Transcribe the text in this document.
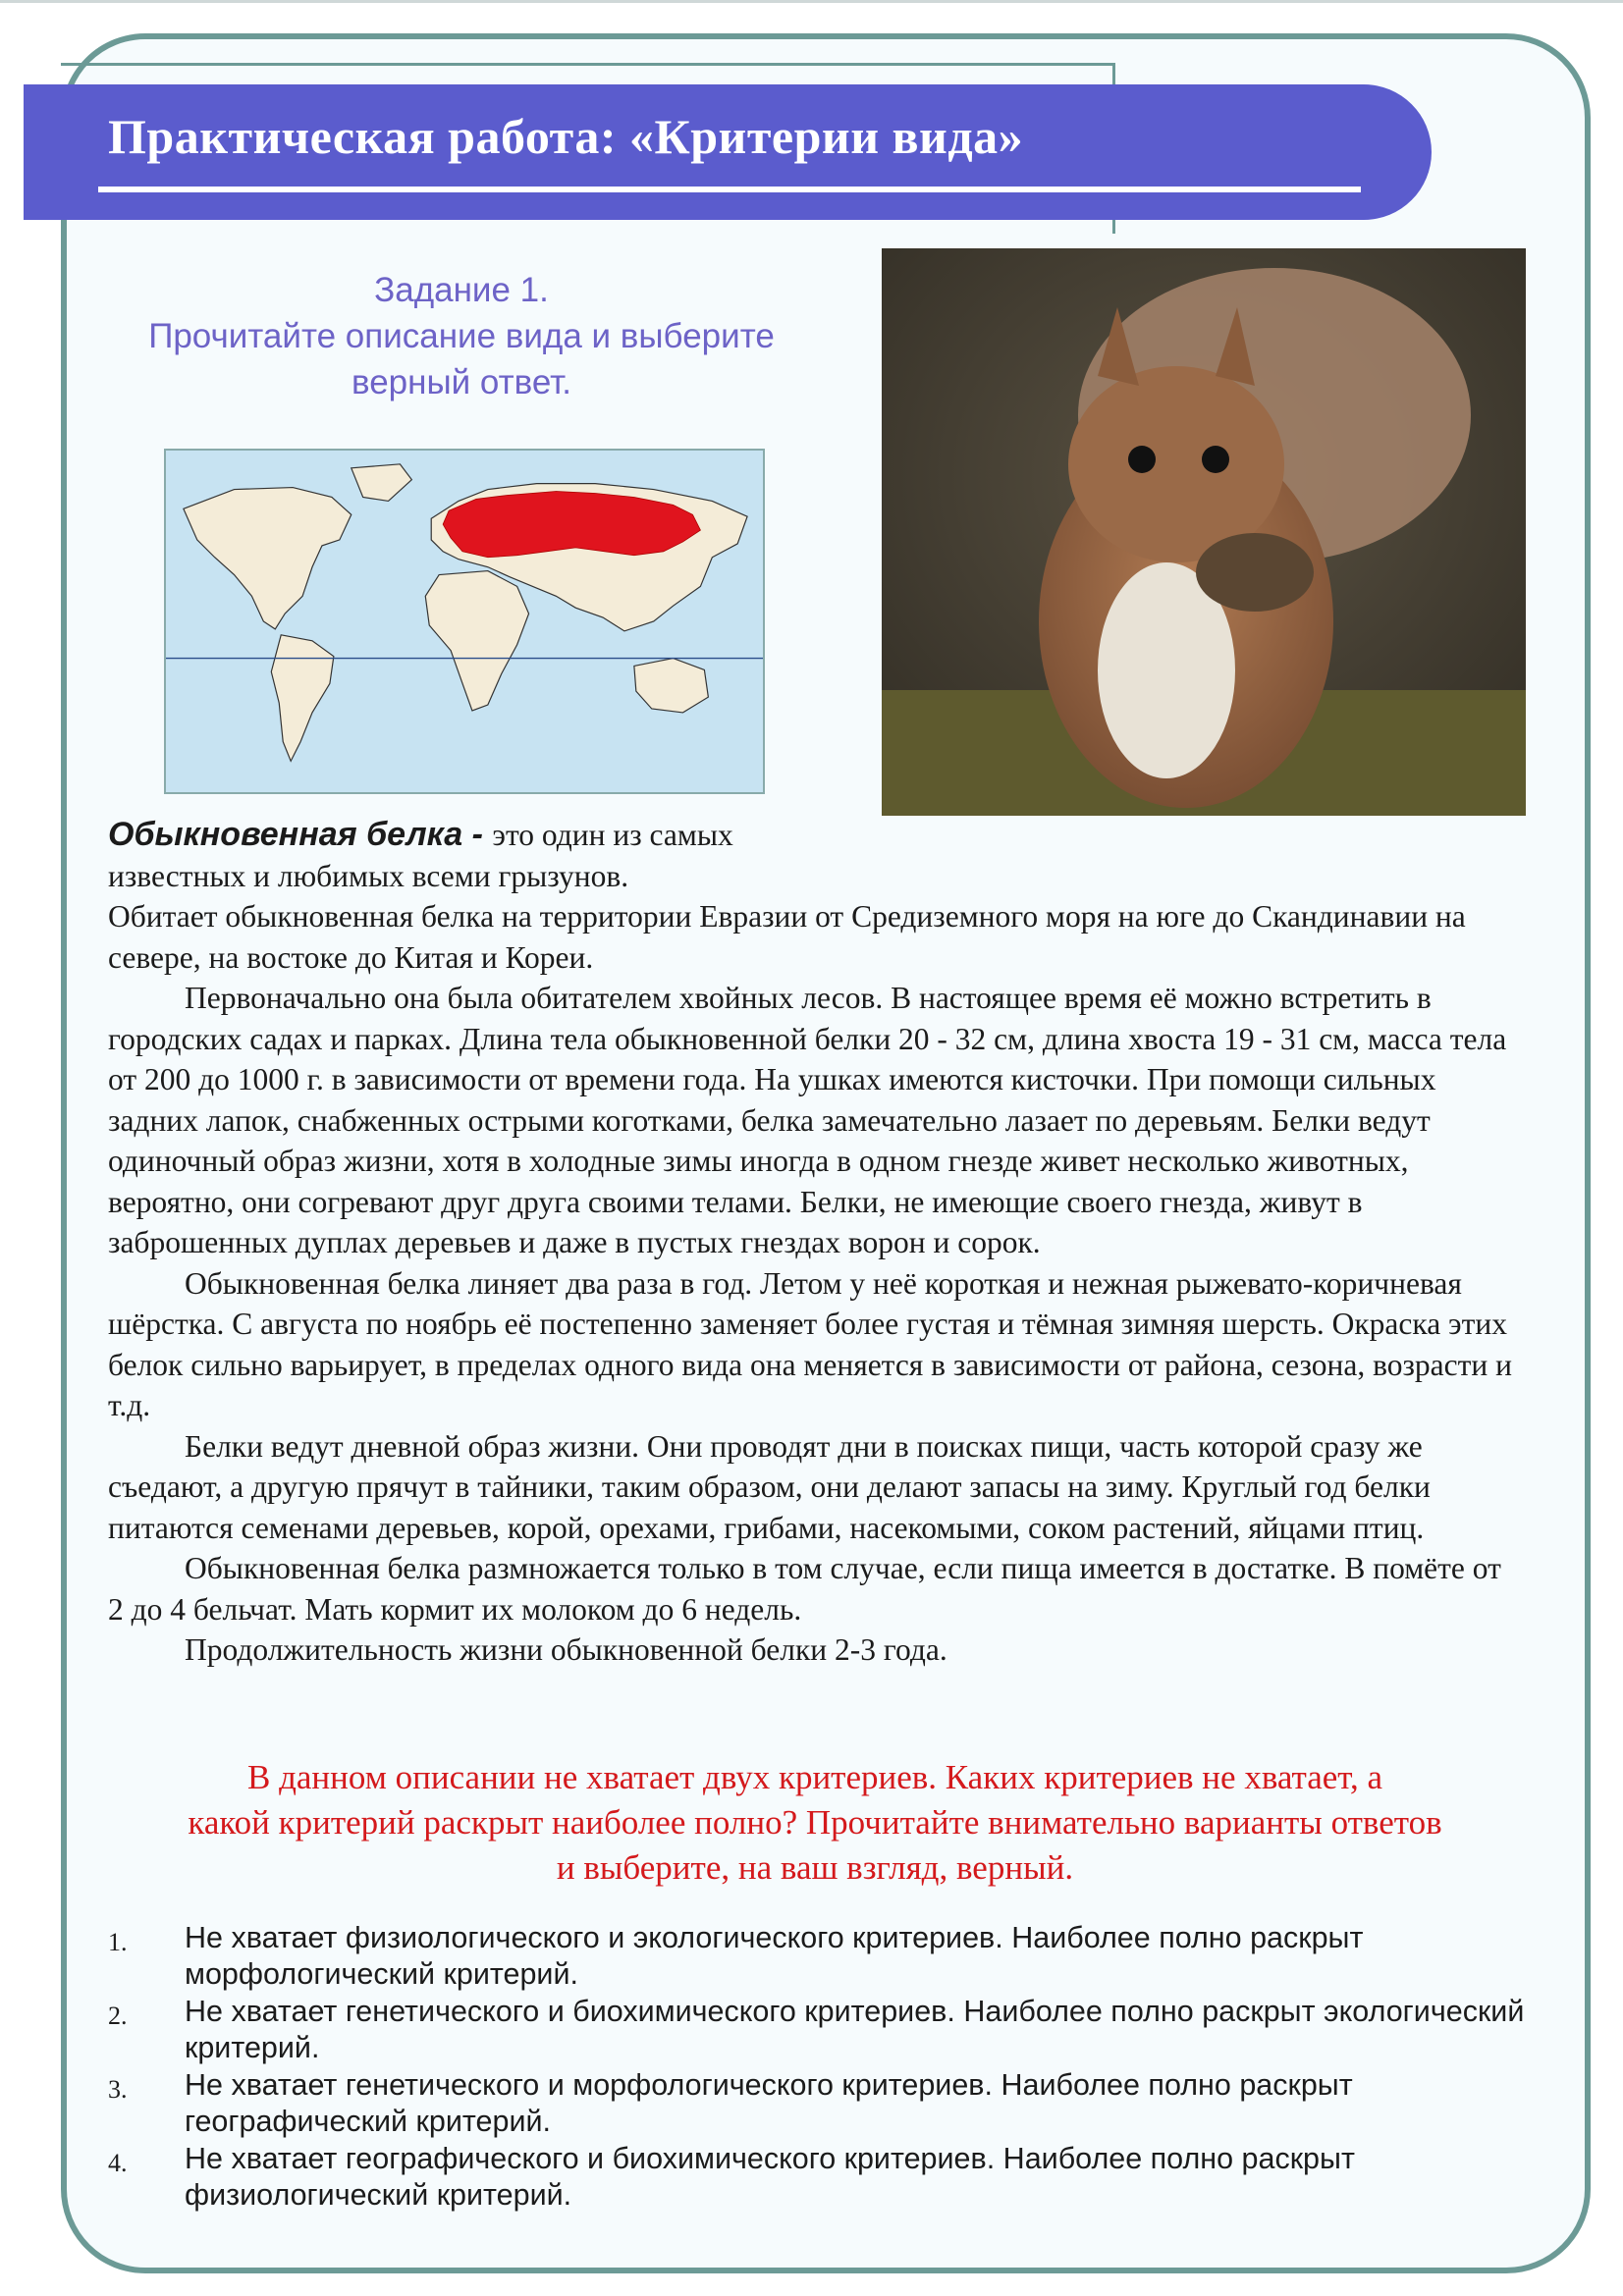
Практическая работа: «Критерии вида»
Задание 1.
Прочитайте описание вида и выберите
верный ответ.

Обыкновенная белка - это один из самых

известных и любимых всеми грызунов.

Обитает обыкновенная белка на территории Евразии от Средиземного моря на юге до Скандинавии на севере, на востоке до Китая и Кореи.

Первоначально она была обитателем хвойных лесов. В настоящее время её можно встретить в городских садах и парках. Длина тела обыкновенной белки 20 - 32 см, длина хвоста 19 - 31 см, масса тела от 200 до 1000 г. в зависимости от времени года. На ушках имеются кисточки. При помощи сильных задних лапок, снабженных острыми коготками, белка замечательно лазает по деревьям. Белки ведут одиночный образ жизни, хотя в холодные зимы иногда в одном гнезде живет несколько животных, вероятно, они согревают друг друга своими телами. Белки, не имеющие своего гнезда, живут в заброшенных дуплах деревьев и даже в пустых гнездах ворон и сорок.

Обыкновенная белка линяет два раза в год. Летом у неё короткая и нежная рыжевато-коричневая шёрстка. С августа по ноябрь её постепенно заменяет более густая и тёмная зимняя шерсть. Окраска этих белок сильно варьирует, в пределах одного вида она меняется в зависимости от района, сезона, возрасти и т.д.

Белки ведут дневной образ жизни. Они проводят дни в поисках пищи, часть которой сразу же съедают, а другую прячут в тайники, таким образом, они делают запасы на зиму. Круглый год белки питаются семенами деревьев, корой, орехами, грибами, насекомыми, соком растений, яйцами птиц.

Обыкновенная белка размножается только в том случае, если пища имеется в достатке. В помёте от 2 до 4 бельчат. Мать кормит их молоком до 6 недель.

Продолжительность жизни обыкновенной белки 2-3 года.

В данном описании не хватает двух критериев. Каких критериев не хватает, а
какой критерий раскрыт наиболее полно? Прочитайте внимательно варианты ответов
и выберите, на ваш взгляд, верный.
1. Не хватает физиологического и экологического критериев. Наиболее полно раскрыт морфологический критерий.
2. Не хватает генетического и биохимического критериев. Наиболее полно раскрыт экологический критерий.
3. Не хватает генетического и морфологического критериев. Наиболее полно раскрыт географический критерий.
4. Не хватает географического и биохимического критериев. Наиболее полно раскрыт физиологический критерий.
